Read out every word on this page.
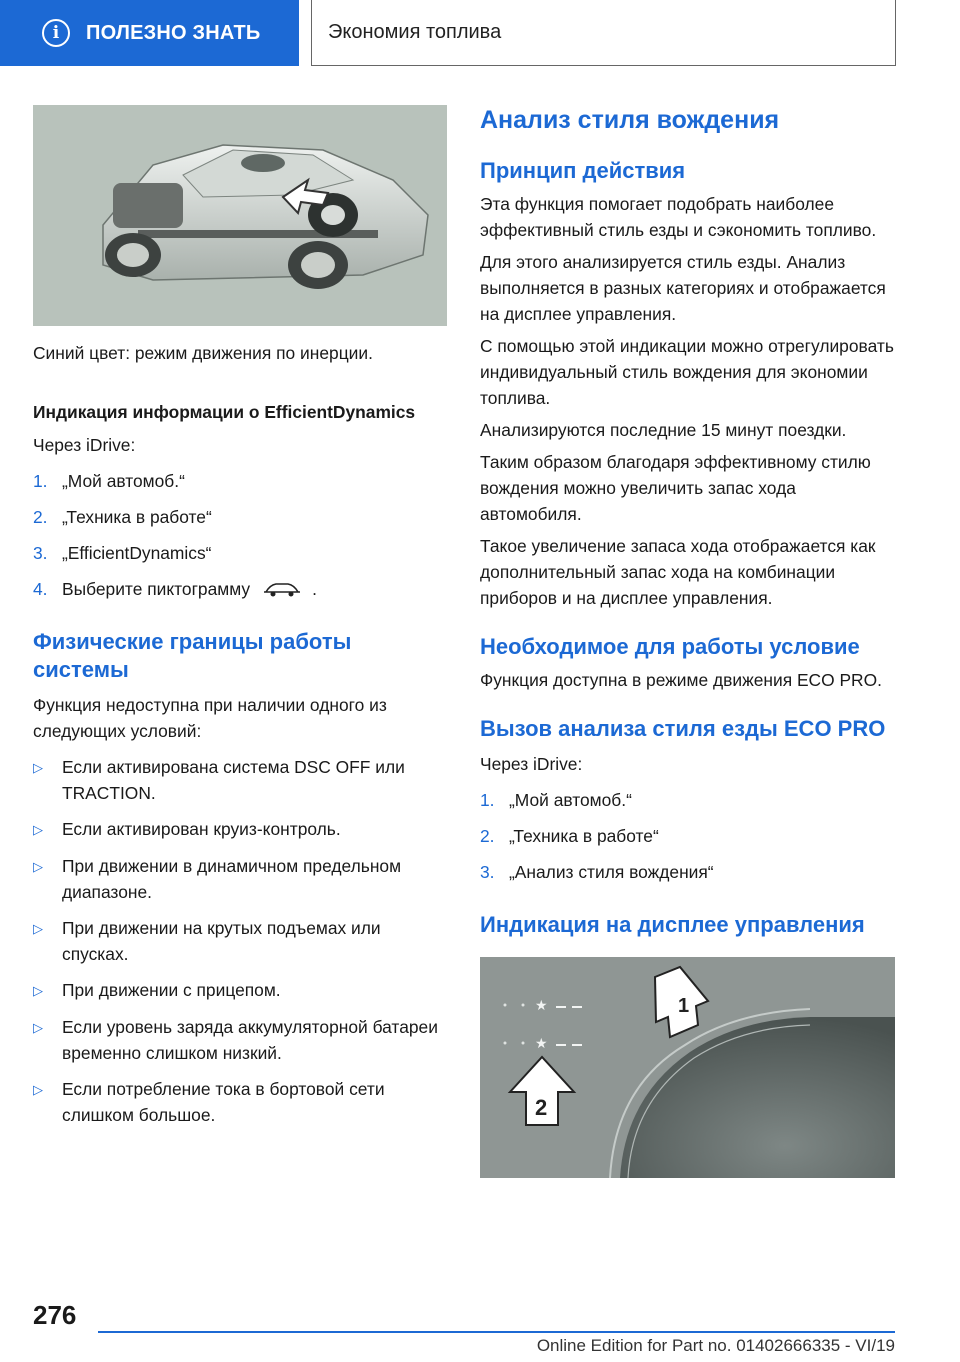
i	ПОЛЕЗНО ЗНАТЬ	Экономия топлива
Синий цвет: режим движения по инерции.
Индикация информации о EfficientDynamics
Через iDrive:
1. „Мой автомоб.“
2. „Техника в работе“
3. „EfficientDynamics“
4. Выберите пиктограмму	.
Физические границы работы системы
Функция недоступна при наличии одного из следующих условий:
▷	Если активирована система DSC OFF или TRACTION.
▷	Если активирован круиз-контроль.
▷	При движении в динамичном предельном диапазоне.
▷	При движении на крутых подъемах или спусках.
▷	При движении с прицепом.
▷	Если уровень заряда аккумуляторной батареи временно слишком низкий.
▷	Если потребление тока в бортовой сети слишком большое.
Анализ стиля вождения
Принцип действия
Эта функция помогает подобрать наиболее эффективный стиль езды и сэкономить топливо.
Для этого анализируется стиль езды. Анализ выполняется в разных категориях и отображается на дисплее управления.
С помощью этой индикации можно отрегулировать индивидуальный стиль вождения для экономии топлива.
Анализируются последние 15 минут поездки.
Таким образом благодаря эффективному стилю вождения можно увеличить запас хода автомобиля.
Такое увеличение запаса хода отображается как дополнительный запас хода на комбинации приборов и на дисплее управления.
Необходимое для работы условие
Функция доступна в режиме движения ECO PRO.
Вызов анализа стиля езды ECO PRO
Через iDrive:
1. „Мой автомоб.“
2. „Техника в работе“
3. „Анализ стиля вождения“
Индикация на дисплее управления
★
★
2
1
276
Online Edition for Part no. 01402666335 - VI/19
